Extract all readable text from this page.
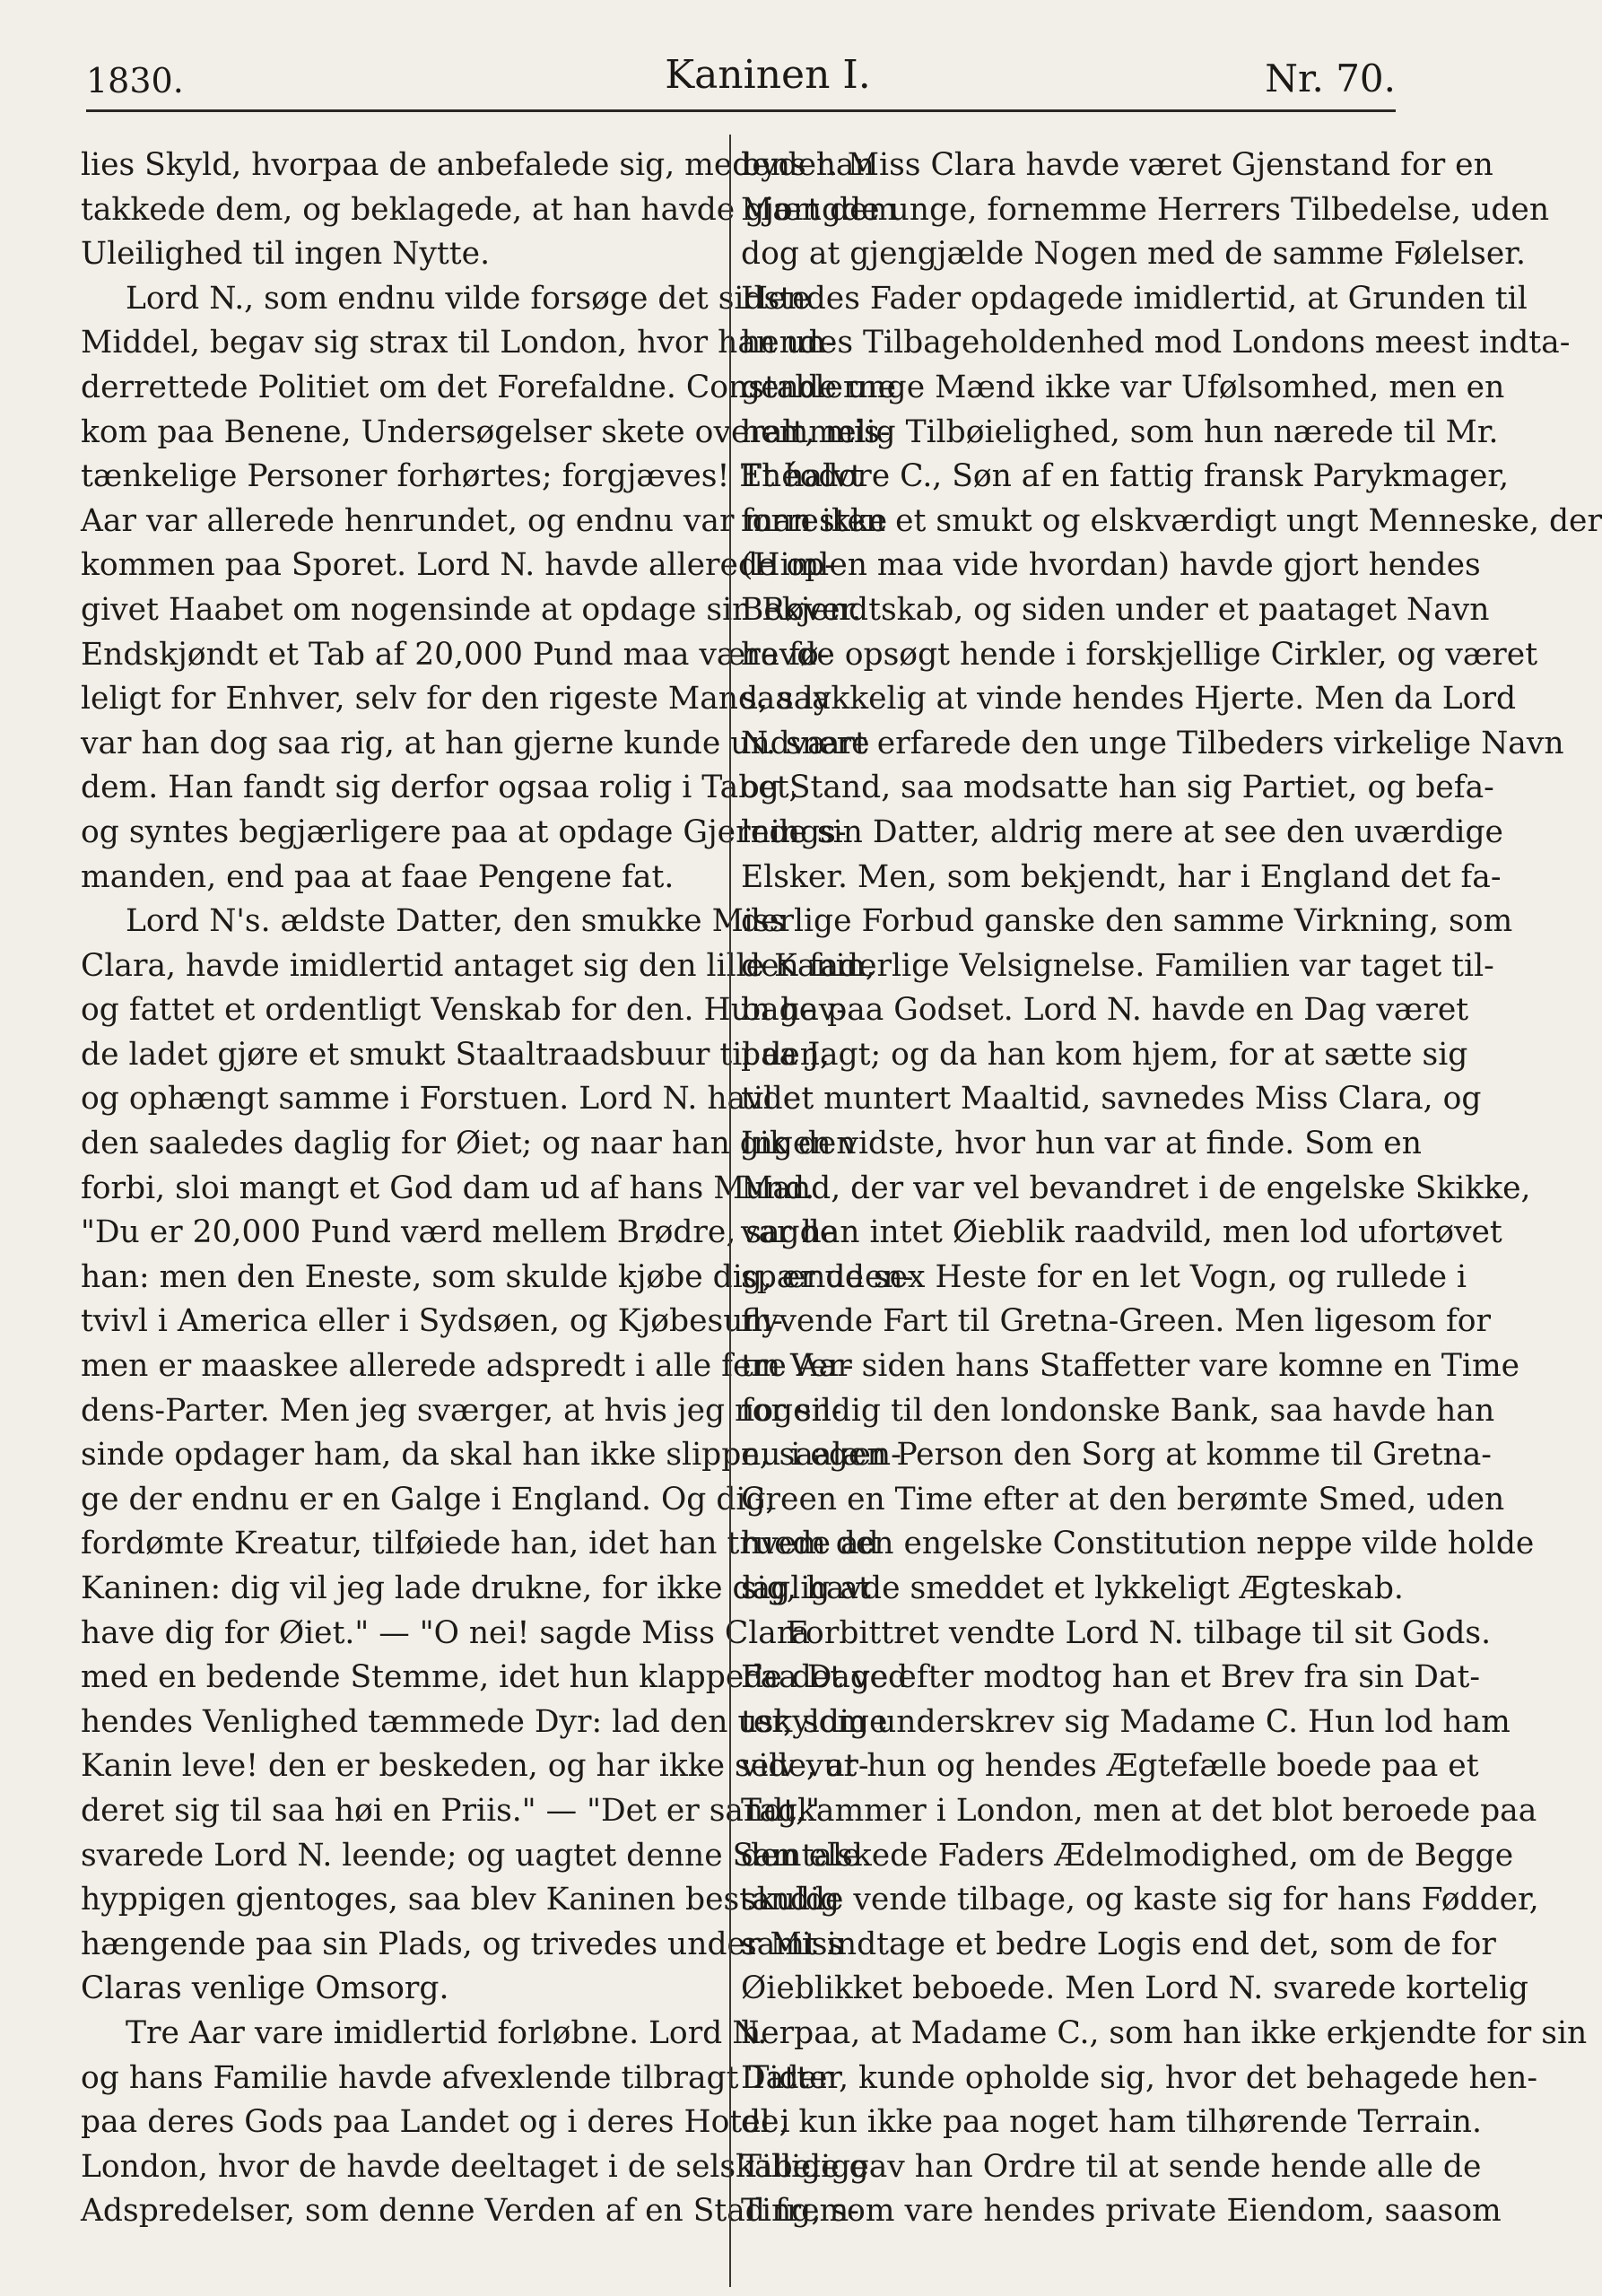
1830.	Kaninen I.	Nr. 70.
lies Skyld, hvorpaa de anbefalede sig, medens han
takkede dem, og beklagede, at han havde gjort dem
Uleilighed til ingen Nytte.
Lord N., som endnu vilde forsøge det sidste
Middel, begav sig strax til London, hvor han un-
derrettede Politiet om det Forefaldne. Constablerne
kom paa Benene, Undersøgelser skete overalt, mis-
tænkelige Personer forhørtes; forgjæves! Et halvt
Aar var allerede henrundet, og endnu var man ikke
kommen paa Sporet. Lord N. havde allerede op-
givet Haabet om nogensinde at opdage sin Røver.
Endskjøndt et Tab af 20,000 Pund maa være fø-
leligt for Enhver, selv for den rigeste Mand, saa
var han dog saa rig, at han gjerne kunde undvære
dem. Han fandt sig derfor ogsaa rolig i Tabet,
og syntes begjærligere paa at opdage Gjernings-
manden, end paa at faae Pengene fat.
Lord N's. ældste Datter, den smukke Miss
Clara, havde imidlertid antaget sig den lille Kanin,
og fattet et ordentligt Venskab for den. Hun hav-
de ladet gjøre et smukt Staaltraadsbuur til den,
og ophængt samme i Forstuen. Lord N. havde
den saaledes daglig for Øiet; og naar han gik den
forbi, sloi mangt et God dam ud af hans Mund.
"Du er 20,000 Pund værd mellem Brødre, sagde
han: men den Eneste, som skulde kjøbe dig, er uden-
tvivl i America eller i Sydsøen, og Kjøbesum-
men er maaskee allerede adspredt i alle fem Ver-
dens-Parter. Men jeg sværger, at hvis jeg nogen-
sinde opdager ham, da skal han ikke slippe, saalæn-
ge der endnu er en Galge i England. Og dig,
fordømte Kreatur, tilføiede han, idet han truede ad
Kaninen: dig vil jeg lade drukne, for ikke daglig at
have dig for Øiet." — "O nei! sagde Miss Clara
med en bedende Stemme, idet hun klappede det ved
hendes Venlighed tæmmede Dyr: lad den uskyldige
Kanin leve! den er beskeden, og har ikke selv vur-
deret sig til saa høi en Priis." — "Det er sandt,"
svarede Lord N. leende; og uagtet denne Samtale
hyppigen gjentoges, saa blev Kaninen bestandig
hængende paa sin Plads, og trivedes under Miss
Claras venlige Omsorg.
Tre Aar vare imidlertid forløbne. Lord N.
og hans Familie havde afvexlende tilbragt Tiden
paa deres Gods paa Landet og i deres Hotel i
London, hvor de havde deeltaget i de selskabelige
Adspredelser, som denne Verden af en Stad frem-
byder. Miss Clara havde været Gjenstand for en
Mængde unge, fornemme Herrers Tilbedelse, uden
dog at gjengjælde Nogen med de samme Følelser.
Hendes Fader opdagede imidlertid, at Grunden til
hendes Tilbageholdenhed mod Londons meest indta-
gende unge Mænd ikke var Ufølsomhed, men en
hemmelig Tilbøielighed, som hun nærede til Mr.
Théodore C., Søn af en fattig fransk Parykmager,
forresten et smukt og elskværdigt ungt Menneske, der
(Himlen maa vide hvordan) havde gjort hendes
Bekjendtskab, og siden under et paataget Navn
havde opsøgt hende i forskjellige Cirkler, og været
saa lykkelig at vinde hendes Hjerte. Men da Lord
N. snart erfarede den unge Tilbeders virkelige Navn
og Stand, saa modsatte han sig Partiet, og befa-
lede sin Datter, aldrig mere at see den uværdige
Elsker. Men, som bekjendt, har i England det fa-
derlige Forbud ganske den samme Virkning, som
den faderlige Velsignelse. Familien var taget til-
bage paa Godset. Lord N. havde en Dag været
paa Jagt; og da han kom hjem, for at sætte sig
til et muntert Maaltid, savnedes Miss Clara, og
Ingen vidste, hvor hun var at finde. Som en
Mand, der var vel bevandret i de engelske Skikke,
var han intet Øieblik raadvild, men lod ufortøvet
spænde sex Heste for en let Vogn, og rullede i
flyvende Fart til Gretna-Green. Men ligesom for
tre Aar siden hans Staffetter vare komne en Time
for sildig til den londonske Bank, saa havde han
nu i egen Person den Sorg at komme til Gretna-
Green en Time efter at den berømte Smed, uden
hvem den engelske Constitution neppe vilde holde
sig, havde smeddet et lykkeligt Ægteskab.
Forbittret vendte Lord N. tilbage til sit Gods.
Faa Dage efter modtog han et Brev fra sin Dat-
ter, som underskrev sig Madame C. Hun lod ham
vide, at hun og hendes Ægtefælle boede paa et
Tagkammer i London, men at det blot beroede paa
den elskede Faders Ædelmodighed, om de Begge
skulde vende tilbage, og kaste sig for hans Fødder,
samt indtage et bedre Logis end det, som de for
Øieblikket beboede. Men Lord N. svarede kortelig
herpaa, at Madame C., som han ikke erkjendte for sin
Datter, kunde opholde sig, hvor det behagede hen-
de, kun ikke paa noget ham tilhørende Terrain.
Tillige gav han Ordre til at sende hende alle de
Ting, som vare hendes private Eiendom, saasom
